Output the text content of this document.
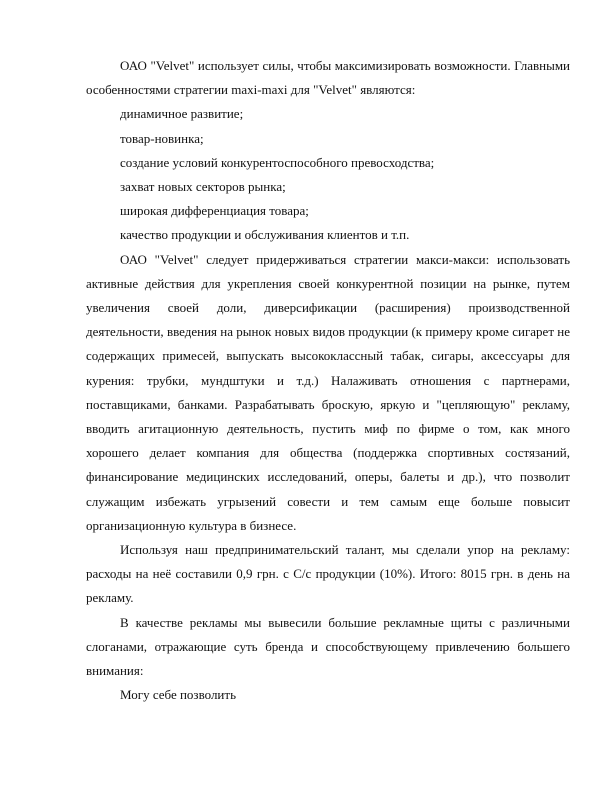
ОАО "Velvet" использует силы, чтобы максимизировать возможности. Главными особенностями стратегии maxi-maxi для "Velvet" являются:

динамичное развитие;

товар-новинка;

создание условий конкурентоспособного превосходства;

захват новых секторов рынка;

широкая дифференциация товара;

качество продукции и обслуживания клиентов и т.п.

ОАО "Velvet" следует придерживаться стратегии макси-макси: использовать активные действия для укрепления своей конкурентной позиции на рынке, путем увеличения своей доли, диверсификации (расширения) производственной деятельности, введения на рынок новых видов продукции (к примеру кроме сигарет не содержащих примесей, выпускать высококлассный табак, сигары, аксессуары для курения: трубки, мундштуки и т.д.) Налаживать отношения с партнерами, поставщиками, банками. Разрабатывать броскую, яркую и "цепляющую" рекламу, вводить агитационную деятельность, пустить миф по фирме о том, как много хорошего делает компания для общества (поддержка спортивных состязаний, финансирование медицинских исследований, оперы, балеты и др.), что позволит служащим избежать угрызений совести и тем самым еще больше повысит организационную культура в бизнесе.

Используя наш предпринимательский талант, мы сделали упор на рекламу: расходы на неё составили 0,9 грн. с С/с продукции (10%). Итого: 8015 грн. в день на рекламу.

В качестве рекламы мы вывесили большие рекламные щиты с различными слоганами, отражающие суть бренда и способствующему привлечению большего внимания:

Могу себе позволить
